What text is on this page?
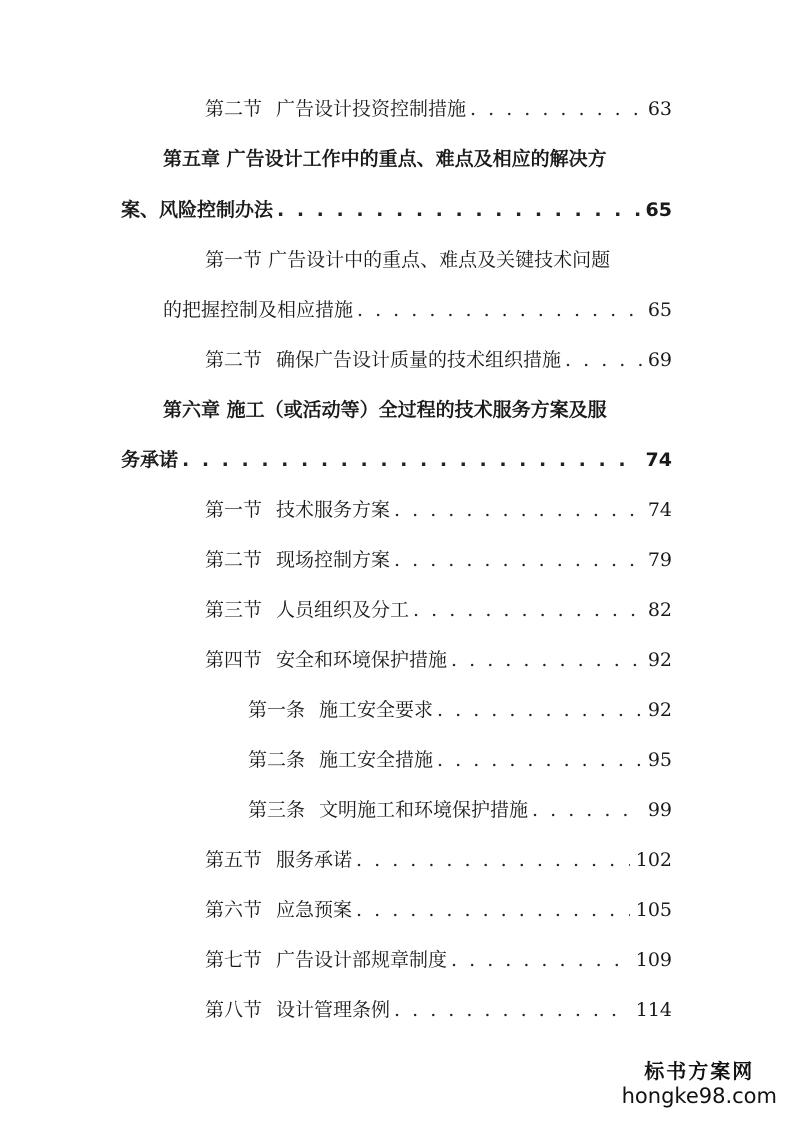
第二节 广告设计投资控制措施 . . .	63
第五章 广告设计工作中的重点、难点及相应的解决方
案、风险控制办法 . . .	65
第一节 广告设计中的重点、难点及关键技术问题
的把握控制及相应措施 . . .	65
第二节 确保广告设计质量的技术组织措施 . . .	69
第六章 施工（或活动等）全过程的技术服务方案及服
务承诺 . . .	74
第一节 技术服务方案 . . .	74
第二节 现场控制方案 . . .	79
第三节 人员组织及分工 . . .	82
第四节 安全和环境保护措施 . . .	92
第一条 施工安全要求 . . .	92
第二条 施工安全措施 . . .	95
第三条 文明施工和环境保护措施 . . .	99
第五节 服务承诺 . . .	102
第六节 应急预案 . . .	105
第七节 广告设计部规章制度 . . .	109
第八节 设计管理条例 . . .	114
标书方案网
hongke98.com
